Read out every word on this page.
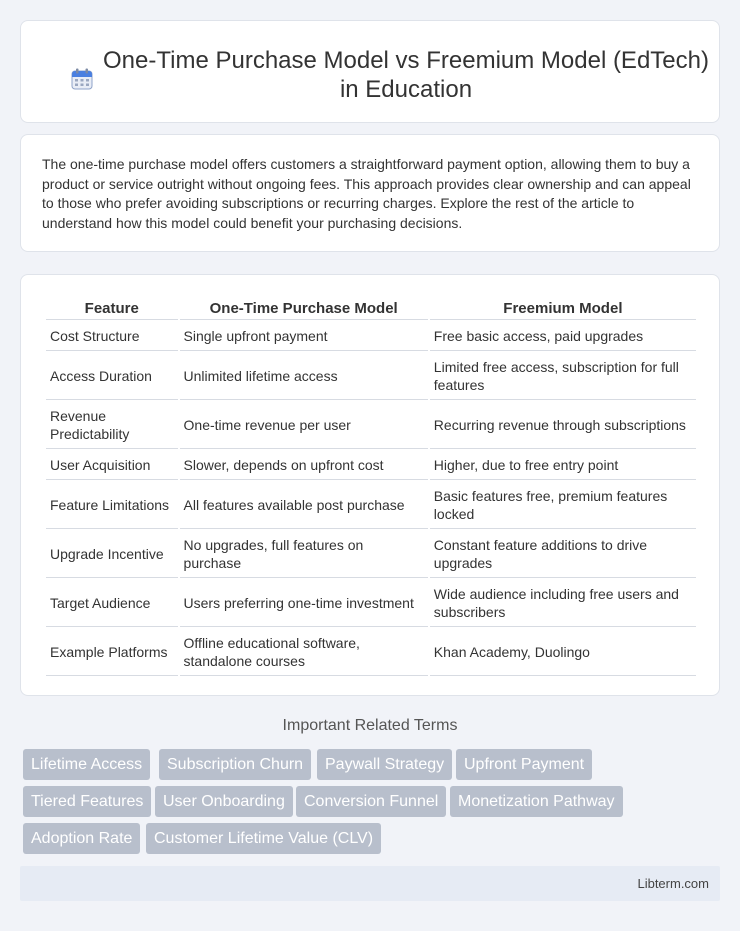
One-Time Purchase Model vs Freemium Model (EdTech) in Education

The one-time purchase model offers customers a straightforward payment option, allowing them to buy a product or service outright without ongoing fees. This approach provides clear ownership and can appeal to those who prefer avoiding subscriptions or recurring charges. Explore the rest of the article to understand how this model could benefit your purchasing decisions.

Feature	One-Time Purchase Model	Freemium Model
Cost Structure	Single upfront payment	Free basic access, paid upgrades
Access Duration	Unlimited lifetime access	Limited free access, subscription for full features
Revenue Predictability	One-time revenue per user	Recurring revenue through subscriptions
User Acquisition	Slower, depends on upfront cost	Higher, due to free entry point
Feature Limitations	All features available post purchase	Basic features free, premium features locked
Upgrade Incentive	No upgrades, full features on purchase	Constant feature additions to drive upgrades
Target Audience	Users preferring one-time investment	Wide audience including free users and subscribers
Example Platforms	Offline educational software, standalone courses	Khan Academy, Duolingo
Important Related Terms
Lifetime Access	Subscription Churn	Paywall Strategy	Upfront Payment
Tiered Features	User Onboarding	Conversion Funnel	Monetization Pathway
Adoption Rate	Customer Lifetime Value (CLV)
Libterm.com
